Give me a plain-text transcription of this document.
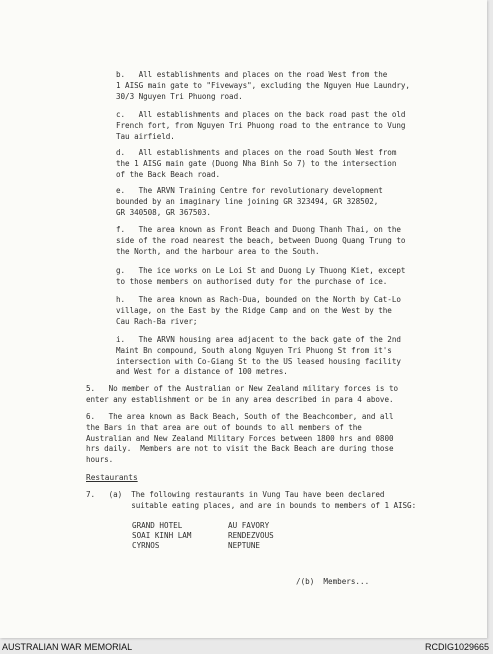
b.   All establishments and places on the road West from the
1 AISG main gate to "Fiveways", excluding the Nguyen Hue Laundry,
30/3 Nguyen Tri Phuong road.
c.   All establishments and places on the back road past the old
French fort, from Nguyen Tri Phuong road to the entrance to Vung
Tau airfield.
d.   All establishments and places on the road South West from
the 1 AISG main gate (Duong Nha Binh So 7) to the intersection
of the Back Beach road.
e.   The ARVN Training Centre for revolutionary development
bounded by an imaginary line joining GR 323494, GR 328502,
GR 340508, GR 367503.
f.   The area known as Front Beach and Duong Thanh Thai, on the
side of the road nearest the beach, between Duong Quang Trung to
the North, and the harbour area to the South.
g.   The ice works on Le Loi St and Duong Ly Thuong Kiet, except
to those members on authorised duty for the purchase of ice.
h.   The area known as Rach-Dua, bounded on the North by Cat-Lo
village, on the East by the Ridge Camp and on the West by the
Cau Rach-Ba river;
i.   The ARVN housing area adjacent to the back gate of the 2nd
Maint Bn compound, South along Nguyen Tri Phuong St from it's
intersection with Co-Giang St to the US leased housing facility
and West for a distance of 100 metres.
5.   No member of the Australian or New Zealand military forces is to
enter any establishment or be in any area described in para 4 above.
6.   The area known as Back Beach, South of the Beachcomber, and all
the Bars in that area are out of bounds to all members of the
Australian and New Zealand Military Forces between 1800 hrs and 0800
hrs daily.  Members are not to visit the Back Beach are during those
hours.
Restaurants
7.   (a)  The following restaurants in Vung Tau have been declared
suitable eating places, and are in bounds to members of 1 AISG:
GRAND HOTEL
SOAI KINH LAM
CYRNOS
AU FAVORY
RENDEZVOUS
NEPTUNE
/(b)  Members...
AUSTRALIAN WAR MEMORIAL	RCDIG1029665
